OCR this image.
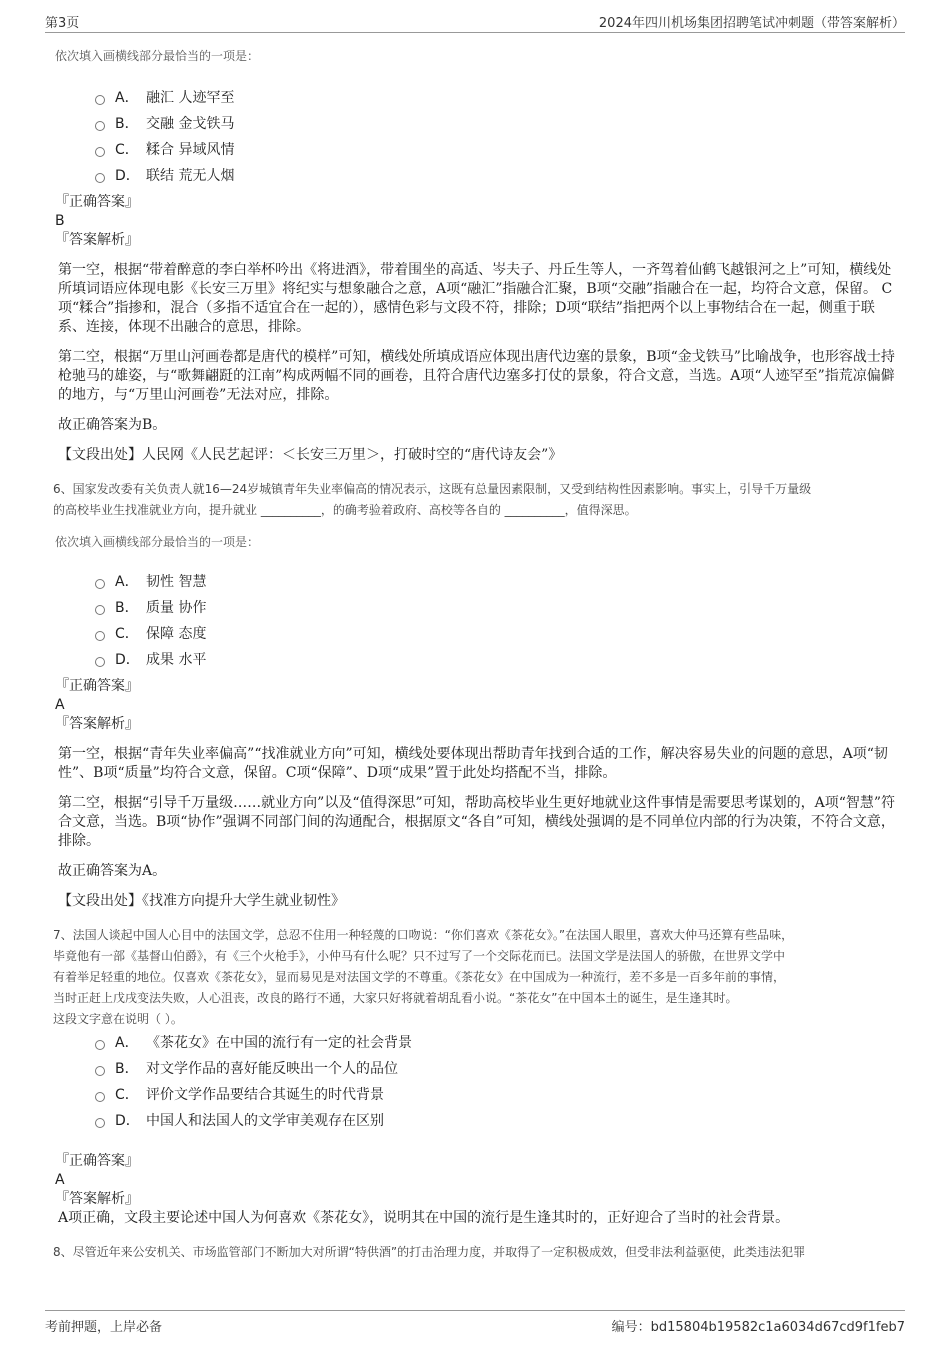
第3页	2024年四川机场集团招聘笔试冲刺题（带答案解析）
依次填入画横线部分最恰当的一项是：
A． 融汇 人迹罕至
B． 交融 金戈铁马
C． 糅合 异域风情
D． 联结 荒无人烟
『正确答案』
B
『答案解析』

第一空，根据“带着醉意的李白举杯吟出《将进酒》，带着围坐的高适、岑夫子、丹丘生等人，一齐驾着仙鹤飞越银河之上”可知，横线处所填词语应体现电影《长安三万里》将纪实与想象融合之意，A项“融汇”指融合汇聚，B项“交融”指融合在一起，均符合文意，保留。 C项“糅合”指掺和，混合（多指不适宜合在一起的），感情色彩与文段不符，排除；D项“联结”指把两个以上事物结合在一起，侧重于联系、连接，体现不出融合的意思，排除。

第二空，根据“万里山河画卷都是唐代的模样”可知，横线处所填成语应体现出唐代边塞的景象，B项“金戈铁马”比喻战争，也形容战士持枪驰马的雄姿，与“歌舞翩跹的江南”构成两幅不同的画卷，且符合唐代边塞多打仗的景象，符合文意，当选。A项“人迹罕至”指荒凉偏僻的地方，与“万里山河画卷”无法对应，排除。

故正确答案为B。

【文段出处】人民网《人民艺起评：＜长安三万里＞，打破时空的“唐代诗友会”》

6、国家发改委有关负责人就16—24岁城镇青年失业率偏高的情况表示，这既有总量因素限制，又受到结构性因素影响。事实上，引导千万量级
的高校毕业生找准就业方向，提升就业 __________，的确考验着政府、高校等各自的 __________，值得深思。
依次填入画横线部分最恰当的一项是：
A． 韧性 智慧
B． 质量 协作
C． 保障 态度
D． 成果 水平
『正确答案』
A
『答案解析』

第一空，根据“青年失业率偏高”“找准就业方向”可知，横线处要体现出帮助青年找到合适的工作，解决容易失业的问题的意思，A项“韧性”、B项“质量”均符合文意，保留。C项“保障”、D项“成果”置于此处均搭配不当，排除。

第二空，根据“引导千万量级……就业方向”以及“值得深思”可知，帮助高校毕业生更好地就业这件事情是需要思考谋划的，A项“智慧”符合文意，当选。B项“协作”强调不同部门间的沟通配合，根据原文“各自”可知，横线处强调的是不同单位内部的行为决策，不符合文意，排除。

故正确答案为A。

【文段出处】《找准方向提升大学生就业韧性》

7、法国人谈起中国人心目中的法国文学，总忍不住用一种轻蔑的口吻说：“你们喜欢《茶花女》。”在法国人眼里，喜欢大仲马还算有些品味，
毕竟他有一部《基督山伯爵》，有《三个火枪手》，小仲马有什么呢？只不过写了一个交际花而已。法国文学是法国人的骄傲，在世界文学中
有着举足轻重的地位。仅喜欢《茶花女》，显而易见是对法国文学的不尊重。《茶花女》在中国成为一种流行，差不多是一百多年前的事情，
当时正赶上戊戌变法失败，人心沮丧，改良的路行不通，大家只好将就着胡乱看小说。“茶花女”在中国本土的诞生，是生逢其时。
这段文字意在说明（ ）。
A． 《茶花女》在中国的流行有一定的社会背景
B． 对文学作品的喜好能反映出一个人的品位
C． 评价文学作品要结合其诞生的时代背景
D． 中国人和法国人的文学审美观存在区别
『正确答案』
A
『答案解析』

A项正确，文段主要论述中国人为何喜欢《茶花女》，说明其在中国的流行是生逢其时的，正好迎合了当时的社会背景。

8、尽管近年来公安机关、市场监管部门不断加大对所谓“特供酒”的打击治理力度，并取得了一定积极成效，但受非法利益驱使，此类违法犯罪
考前押题，上岸必备	编号：bd15804b19582c1a6034d67cd9f1feb7
